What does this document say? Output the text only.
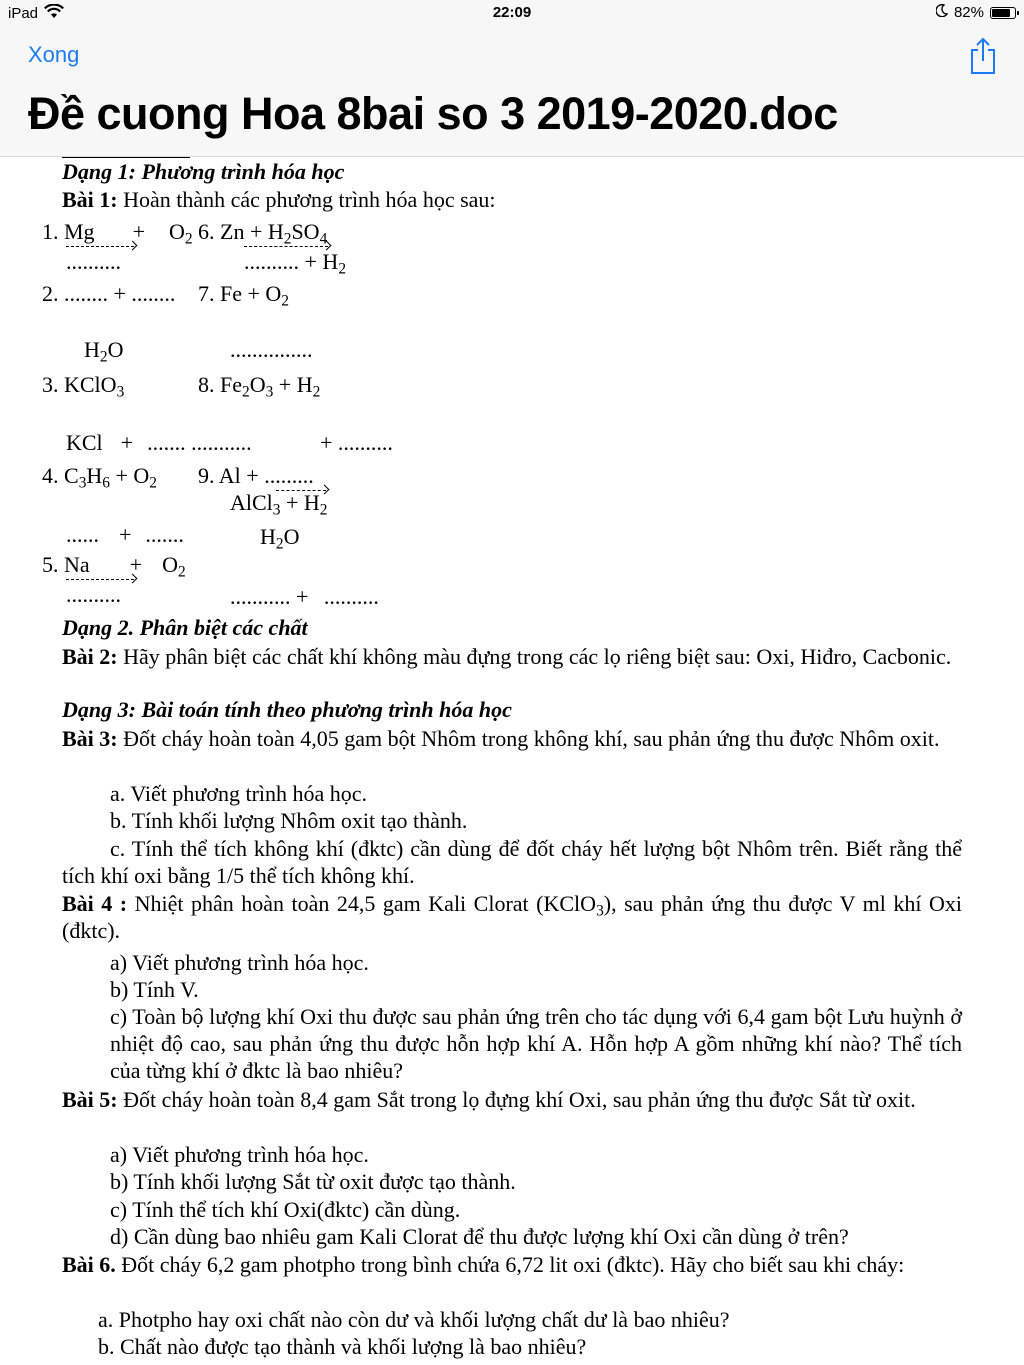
iPad	22:09	82%
Xong
Đề cuong Hoa 8bai so 3 2019-2020.doc
Dạng 1: Phương trình hóa học
Bài 1: Hoàn thành các phương trình hóa học sau:
1. $Mg + O_2$
..........
2. ........ + ........
$H_2O$
3. KClO$_3$
KCl + ....... ...........
4. $C_3H_6 + O_2$
...... + .......
5. $Na + O_2$
..........
6. $Zn + H_2SO_4$
.......... + $H_2$
7. $Fe + O_2$
...............
8. $Fe_2O_3 + H_2$
+ ..........
9. Al + .........
AlCl$_3$ + $H_2$
$H_2O$
........... + ..........
Dạng 2. Phân biệt các chất
Bài 2: Hãy phân biệt các chất khí không màu đựng trong các lọ riêng biệt sau: Oxi, Hiđro, Cacbonic.
Dạng 3: Bài toán tính theo phương trình hóa học
Bài 3: Đốt cháy hoàn toàn 4,05 gam bột Nhôm trong không khí, sau phản ứng thu được Nhôm oxit.
a. Viết phương trình hóa học.
b. Tính khối lượng Nhôm oxit tạo thành.
c. Tính thể tích không khí (đktc) cần dùng để đốt cháy hết lượng bột Nhôm trên. Biết rằng thể tích khí oxi bằng 1/5 thể tích không khí.
Bài 4 : Nhiệt phân hoàn toàn 24,5 gam Kali Clorat (KClO$_3$), sau phản ứng thu được V ml khí Oxi (đktc).
a) Viết phương trình hóa học.
b) Tính V.
c) Toàn bộ lượng khí Oxi thu được sau phản ứng trên cho tác dụng với 6,4 gam bột Lưu huỳnh ở nhiệt độ cao, sau phản ứng thu được hỗn hợp khí A. Hỗn hợp A gồm những khí nào? Thể tích của từng khí ở đktc là bao nhiêu?
Bài 5: Đốt cháy hoàn toàn 8,4 gam Sắt trong lọ đựng khí Oxi, sau phản ứng thu được Sắt từ oxit.
a) Viết phương trình hóa học.
b) Tính khối lượng Sắt từ oxit được tạo thành.
c) Tính thể tích khí Oxi(đktc) cần dùng.
d) Cần dùng bao nhiêu gam Kali Clorat để thu được lượng khí Oxi cần dùng ở trên?
Bài 6. Đốt cháy 6,2 gam photpho trong bình chứa 6,72 lit oxi (đktc). Hãy cho biết sau khi cháy:
a. Photpho hay oxi chất nào còn dư và khối lượng chất dư là bao nhiêu?
b. Chất nào được tạo thành và khối lượng là bao nhiêu?
